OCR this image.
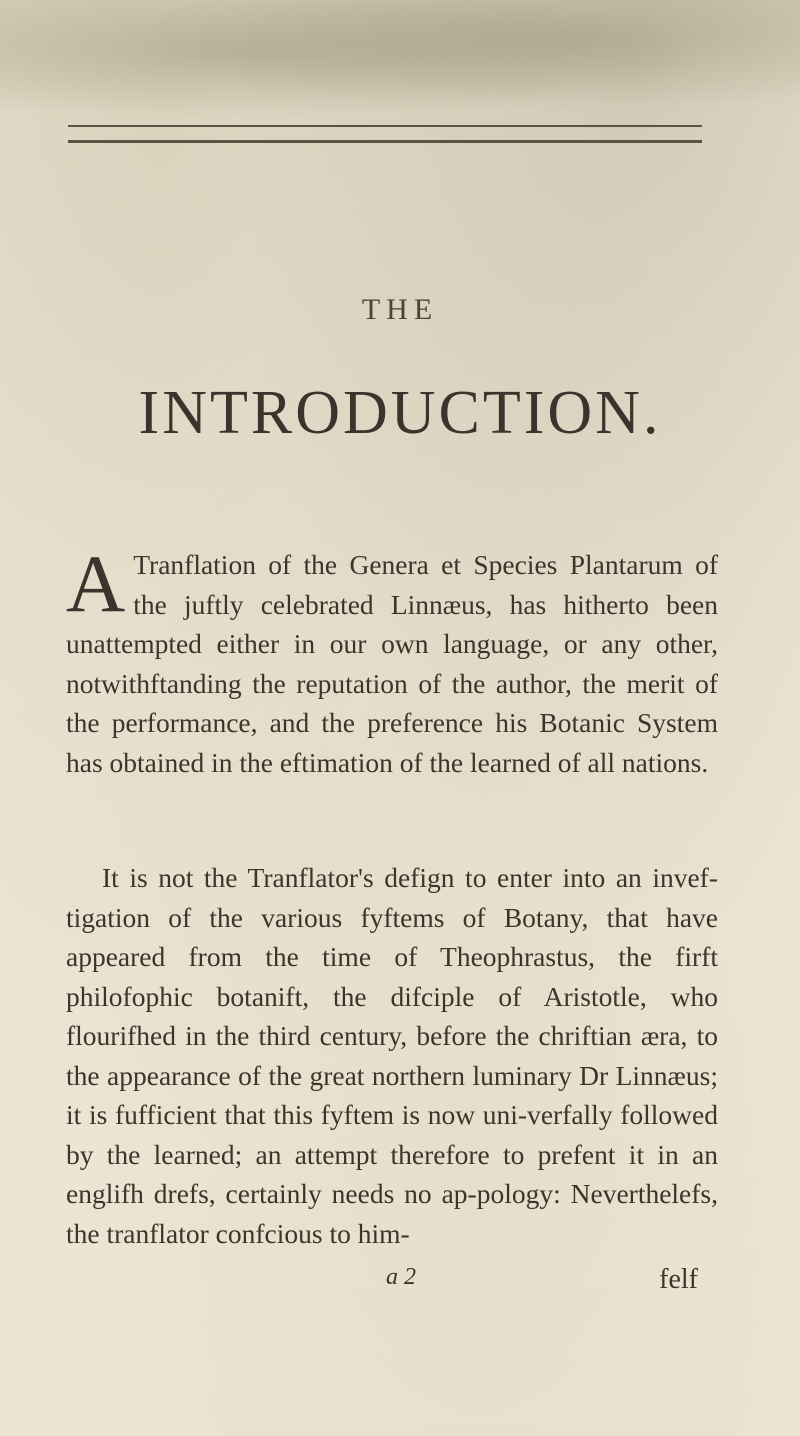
THE
INTRODUCTION.
A Tranflation of the Genera et Species Plantarum of the juftly celebrated Linnæus, has hitherto been unattempted either in our own language, or any other, notwithftanding the reputation of the author, the merit of the performance, and the preference his Botanic System has obtained in the eftimation of the learned of all nations.
It is not the Tranflator's defign to enter into an invef-tigation of the various fyftems of Botany, that have appeared from the time of Theophrastus, the firft philofophic botanift, the difciple of Aristotle, who flourifhed in the third century, before the chriftian æra, to the appearance of the great northern luminary Dr Linnæus; it is fufficient that this fyftem is now uni-verfally followed by the learned; an attempt therefore to prefent it in an englifh drefs, certainly needs no ap-pology: Neverthelefs, the tranflator confcious to him-
a 2	felf
